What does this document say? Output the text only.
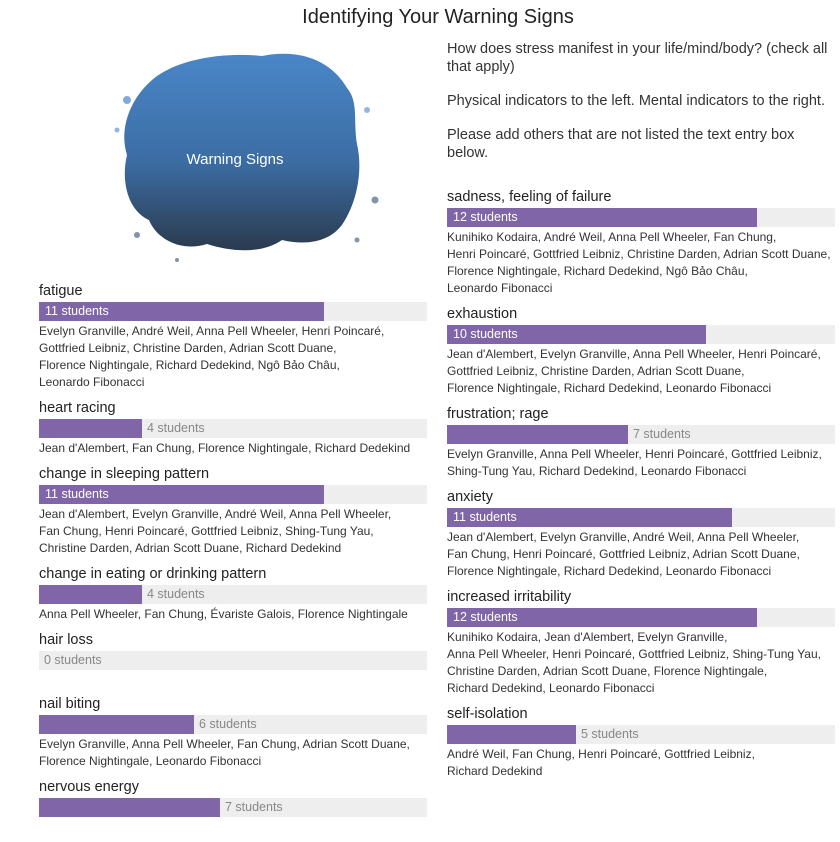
Identifying Your Warning Signs
Warning Signs
fatigue
11 students
Evelyn Granville, André Weil, Anna Pell Wheeler, Henri Poincaré,
Gottfried Leibniz, Christine Darden, Adrian Scott Duane,
Florence Nightingale, Richard Dedekind, Ngô Bảo Châu,
Leonardo Fibonacci
heart racing
4 students
Jean d'Alembert, Fan Chung, Florence Nightingale, Richard Dedekind
change in sleeping pattern
11 students
Jean d'Alembert, Evelyn Granville, André Weil, Anna Pell Wheeler,
Fan Chung, Henri Poincaré, Gottfried Leibniz, Shing-Tung Yau,
Christine Darden, Adrian Scott Duane, Richard Dedekind
change in eating or drinking pattern
4 students
Anna Pell Wheeler, Fan Chung, Évariste Galois, Florence Nightingale
hair loss
0 students
nail biting
6 students
Evelyn Granville, Anna Pell Wheeler, Fan Chung, Adrian Scott Duane,
Florence Nightingale, Leonardo Fibonacci
nervous energy
7 students

How does stress manifest in your life/mind/body? (check all that apply)

Physical indicators to the left. Mental indicators to the right.

Please add others that are not listed the text entry box below.

sadness, feeling of failure
12 students
Kunihiko Kodaira, André Weil, Anna Pell Wheeler, Fan Chung,
Henri Poincaré, Gottfried Leibniz, Christine Darden, Adrian Scott Duane,
Florence Nightingale, Richard Dedekind, Ngô Bảo Châu,
Leonardo Fibonacci
exhaustion
10 students
Jean d'Alembert, Evelyn Granville, Anna Pell Wheeler, Henri Poincaré,
Gottfried Leibniz, Christine Darden, Adrian Scott Duane,
Florence Nightingale, Richard Dedekind, Leonardo Fibonacci
frustration; rage
7 students
Evelyn Granville, Anna Pell Wheeler, Henri Poincaré, Gottfried Leibniz,
Shing-Tung Yau, Richard Dedekind, Leonardo Fibonacci
anxiety
11 students
Jean d'Alembert, Evelyn Granville, André Weil, Anna Pell Wheeler,
Fan Chung, Henri Poincaré, Gottfried Leibniz, Adrian Scott Duane,
Florence Nightingale, Richard Dedekind, Leonardo Fibonacci
increased irritability
12 students
Kunihiko Kodaira, Jean d'Alembert, Evelyn Granville,
Anna Pell Wheeler, Henri Poincaré, Gottfried Leibniz, Shing-Tung Yau,
Christine Darden, Adrian Scott Duane, Florence Nightingale,
Richard Dedekind, Leonardo Fibonacci
self-isolation
5 students
André Weil, Fan Chung, Henri Poincaré, Gottfried Leibniz,
Richard Dedekind
